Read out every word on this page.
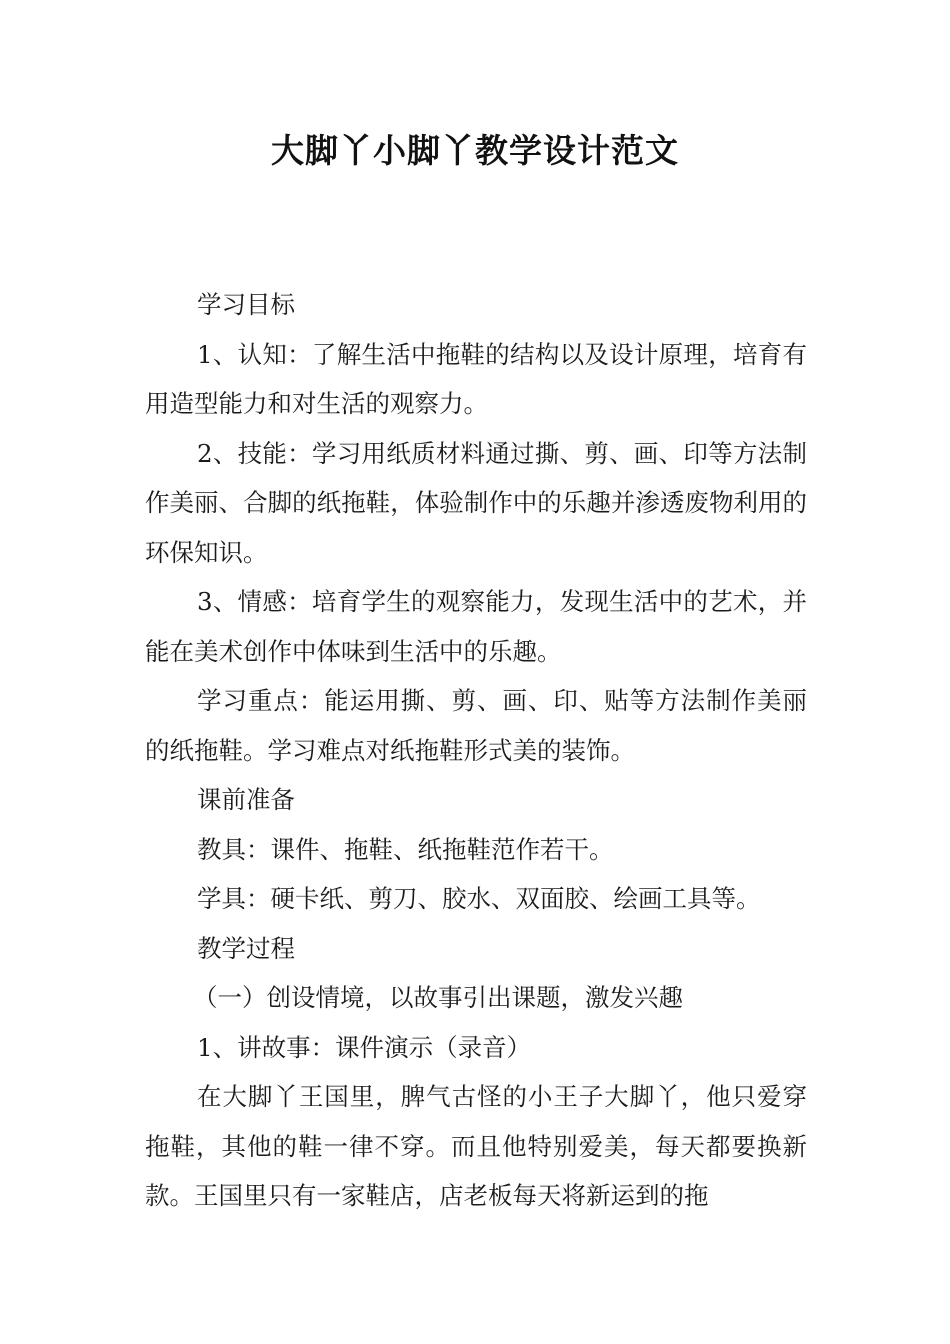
大脚丫小脚丫教学设计范文

学习目标

1、认知：了解生活中拖鞋的结构以及设计原理，培育有用造型能力和对生活的观察力。

2、技能：学习用纸质材料通过撕、剪、画、印等方法制作美丽、合脚的纸拖鞋，体验制作中的乐趣并渗透废物利用的环保知识。

3、情感：培育学生的观察能力，发现生活中的艺术，并能在美术创作中体味到生活中的乐趣。

学习重点：能运用撕、剪、画、印、贴等方法制作美丽的纸拖鞋。学习难点对纸拖鞋形式美的装饰。

课前准备

教具：课件、拖鞋、纸拖鞋范作若干。

学具：硬卡纸、剪刀、胶水、双面胶、绘画工具等。

教学过程

（一）创设情境，以故事引出课题，激发兴趣

1、讲故事：课件演示（录音）

在大脚丫王国里，脾气古怪的小王子大脚丫，他只爱穿拖鞋，其他的鞋一律不穿。而且他特别爱美，每天都要换新款。王国里只有一家鞋店，店老板每天将新运到的拖
